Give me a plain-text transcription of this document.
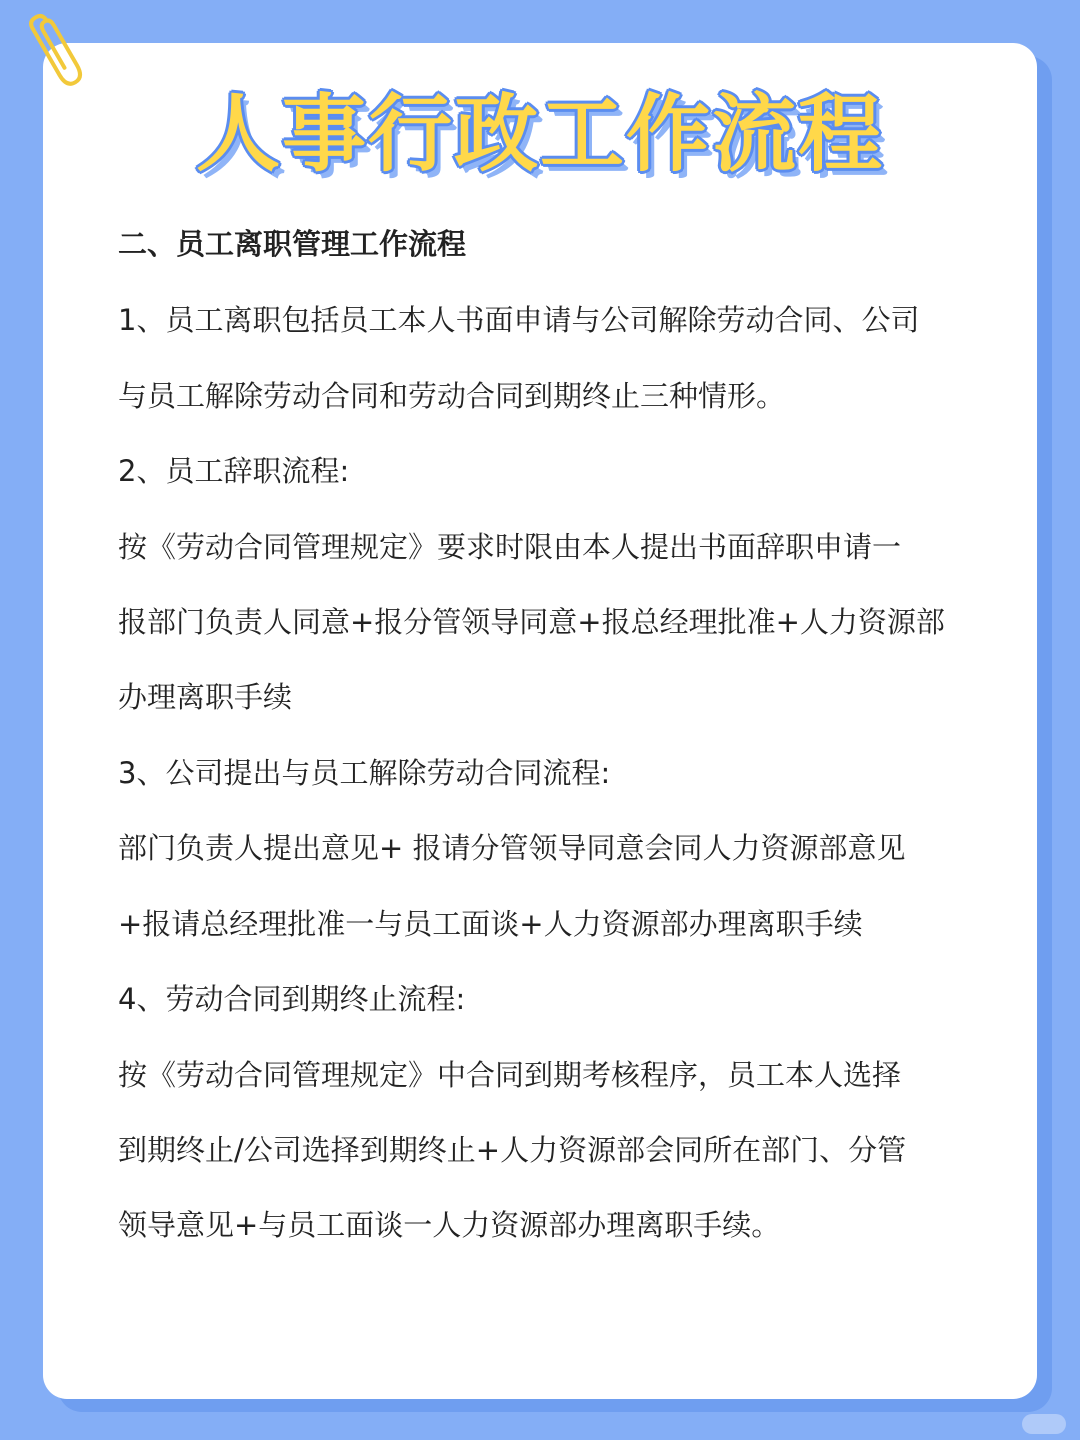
人事行政工作流程
二、员工离职管理工作流程
1、员工离职包括员工本人书面申请与公司解除劳动合同、公司
与员工解除劳动合同和劳动合同到期终止三种情形。
2、员工辞职流程:
按《劳动合同管理规定》要求时限由本人提出书面辞职申请一
报部门负责人同意+报分管领导同意+报总经理批准+人力资源部
办理离职手续
3、公司提出与员工解除劳动合同流程:
部门负责人提出意见+ 报请分管领导同意会同人力资源部意见
+报请总经理批准一与员工面谈+人力资源部办理离职手续
4、劳动合同到期终止流程:
按《劳动合同管理规定》中合同到期考核程序，员工本人选择
到期终止/公司选择到期终止+人力资源部会同所在部门、分管
领导意见+与员工面谈一人力资源部办理离职手续。
